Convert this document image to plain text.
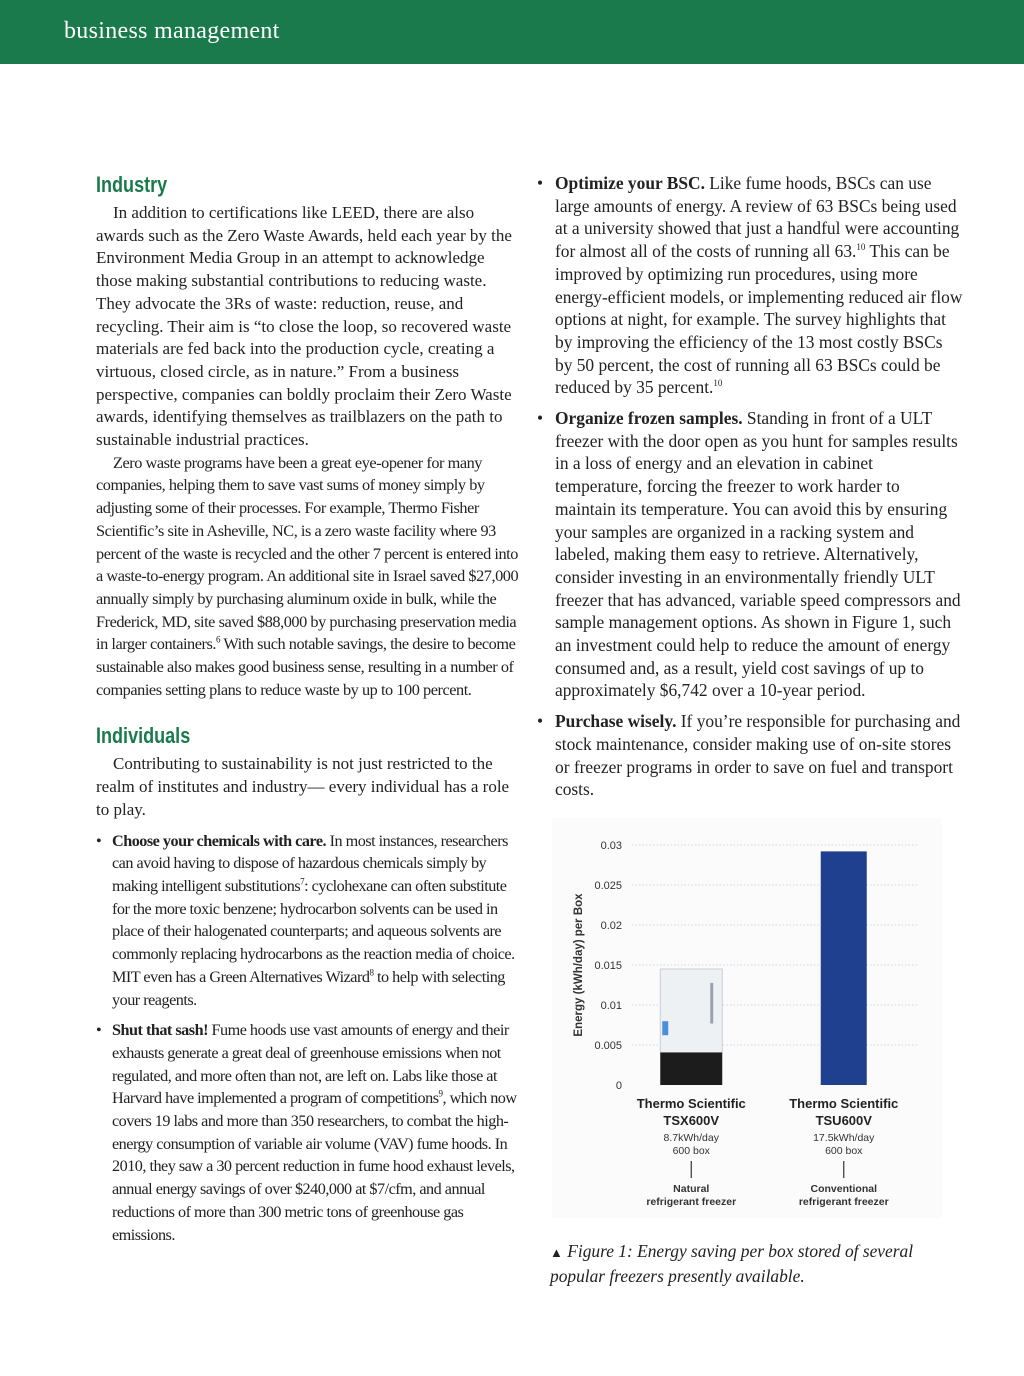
business management
Industry

In addition to certifications like LEED, there are also awards such as the Zero Waste Awards, held each year by the Environment Media Group in an attempt to acknowledge those making substantial contributions to reducing waste. They advocate the 3Rs of waste: reduction, reuse, and recycling. Their aim is “to close the loop, so recovered waste materials are fed back into the production cycle, creating a virtuous, closed circle, as in nature.” From a business perspective, companies can boldly proclaim their Zero Waste awards, identifying themselves as trailblazers on the path to sustainable industrial practices.

Zero waste programs have been a great eye-opener for many companies, helping them to save vast sums of money simply by adjusting some of their processes. For example, Thermo Fisher Scientific’s site in Asheville, NC, is a zero waste facility where 93 percent of the waste is recycled and the other 7 percent is entered into a waste-to-energy program. An additional site in Israel saved $27,000 annually simply by purchasing aluminum oxide in bulk, while the Frederick, MD, site saved $88,000 by purchasing preservation media in larger containers.$^6$ With such notable savings, the desire to become sustainable also makes good business sense, resulting in a number of companies setting plans to reduce waste by up to 100 percent.

Individuals

Contributing to sustainability is not just restricted to the realm of institutes and industry— every individual has a role to play.

• Choose your chemicals with care. In most instances, researchers can avoid having to dispose of hazardous chemicals simply by making intelligent substitutions$^7$: cyclohexane can often substitute for the more toxic benzene; hydrocarbon solvents can be used in place of their halogenated counterparts; and aqueous solvents are commonly replacing hydrocarbons as the reaction media of choice. MIT even has a Green Alternatives Wizard$^8$ to help with selecting your reagents.
• Shut that sash! Fume hoods use vast amounts of energy and their exhausts generate a great deal of greenhouse emissions when not regulated, and more often than not, are left on. Labs like those at Harvard have implemented a program of competitions$^9$, which now covers 19 labs and more than 350 researchers, to combat the high-energy consumption of variable air volume (VAV) fume hoods. In 2010, they saw a 30 percent reduction in fume hood exhaust levels, annual energy savings of over $240,000 at $7/cfm, and annual reductions of more than 300 metric tons of greenhouse gas emissions.
• Optimize your BSC. Like fume hoods, BSCs can use large amounts of energy. A review of 63 BSCs being used at a university showed that just a handful were accounting for almost all of the costs of running all 63.10 This can be improved by optimizing run procedures, using more energy-efficient models, or implementing reduced air flow options at night, for example. The survey highlights that by improving the efficiency of the 13 most costly BSCs by 50 percent, the cost of running all 63 BSCs could be reduced by 35 percent.$^{10}$
• Organize frozen samples. Standing in front of a ULT freezer with the door open as you hunt for samples results in a loss of energy and an elevation in cabinet temperature, forcing the freezer to work harder to maintain its temperature. You can avoid this by ensuring your samples are organized in a racking system and labeled, making them easy to retrieve. Alternatively, consider investing in an environmentally friendly ULT freezer that has advanced, variable speed compressors and sample management options. As shown in Figure 1, such an investment could help to reduce the amount of energy consumed and, as a result, yield cost savings of up to approximately $6,742 over a 10-year period.
• Purchase wisely. If you’re responsible for purchasing and stock maintenance, consider making use of on-site stores or freezer programs in order to save on fuel and transport costs.
0
0.005
0.01
0.015
0.02
0.025
0.03
Energy (kWh/day) per Box
Thermo Scientific
TSX600V
8.7kWh/day
600 box
Natural
refrigerant freezer
Thermo Scientific
TSU600V
17.5kWh/day
600 box
Conventional
refrigerant freezer
▲ Figure 1: Energy saving per box stored of several popular freezers presently available.
